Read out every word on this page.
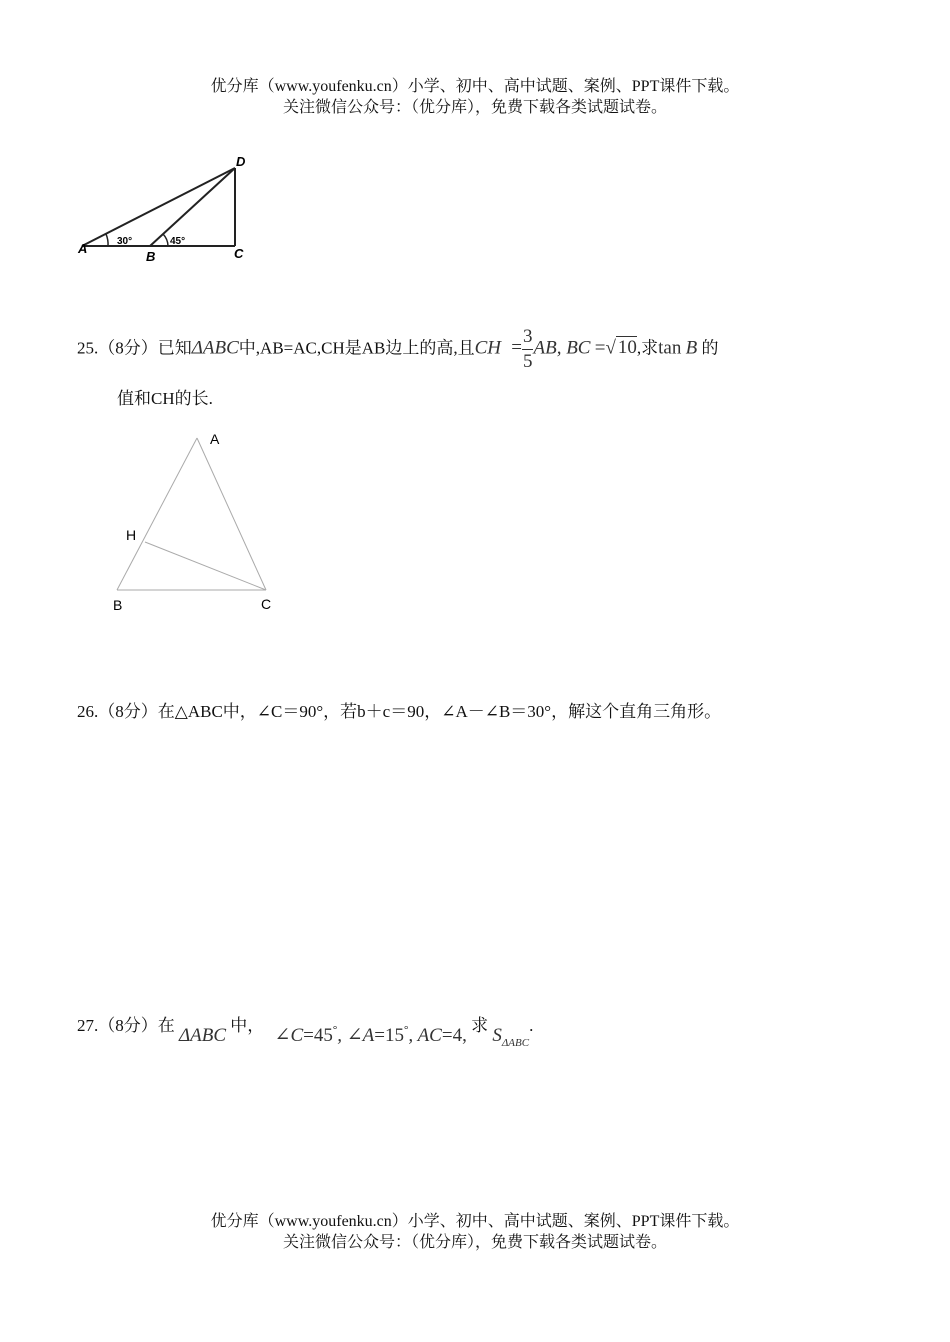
优分库（www.youfenku.cn）小学、初中、高中试题、案例、PPT课件下载。
关注微信公众号：（优分库），免费下载各类试题试卷。
30°	45°
A
B	C
D
25.（8分）已知ΔABC中,AB=AC,CH是AB边上的高,且CH = $\frac{3}{5}$ AB, BC =√ 10,求tan B 的
值和CH的长.
A
H
B	C
26.（8分）在△ABC中，∠C＝90°，若b＋c＝90，∠A－∠B＝30°，解这个直角三角形。
27.（8分）在 ΔABC 中， ∠C=45°, ∠A=15°, AC=4, 求 $S_{\Delta ABC}$.
优分库（www.youfenku.cn）小学、初中、高中试题、案例、PPT课件下载。
关注微信公众号：（优分库），免费下载各类试题试卷。
